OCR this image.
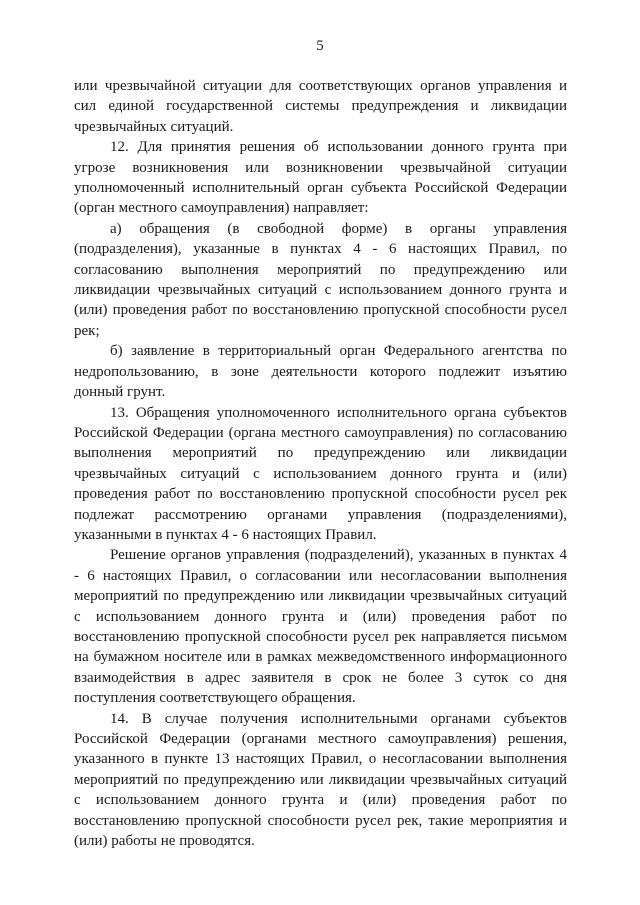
5

или чрезвычайной ситуации для соответствующих органов управления и сил единой государственной системы предупреждения и ликвидации чрезвычайных ситуаций.

12. Для принятия решения об использовании донного грунта при угрозе возникновения или возникновении чрезвычайной ситуации уполномоченный исполнительный орган субъекта Российской Федерации (орган местного самоуправления) направляет:

а) обращения (в свободной форме) в органы управления (подразделения), указанные в пунктах 4 - 6 настоящих Правил, по согласованию выполнения мероприятий по предупреждению или ликвидации чрезвычайных ситуаций с использованием донного грунта и (или) проведения работ по восстановлению пропускной способности русел рек;

б) заявление в территориальный орган Федерального агентства по недропользованию, в зоне деятельности которого подлежит изъятию донный грунт.

13. Обращения уполномоченного исполнительного органа субъектов Российской Федерации (органа местного самоуправления) по согласованию выполнения мероприятий по предупреждению или ликвидации чрезвычайных ситуаций с использованием донного грунта и (или) проведения работ по восстановлению пропускной способности русел рек подлежат рассмотрению органами управления (подразделениями), указанными в пунктах 4 - 6 настоящих Правил.

Решение органов управления (подразделений), указанных в пунктах 4 - 6 настоящих Правил, о согласовании или несогласовании выполнения мероприятий по предупреждению или ликвидации чрезвычайных ситуаций с использованием донного грунта и (или) проведения работ по восстановлению пропускной способности русел рек направляется письмом на бумажном носителе или в рамках межведомственного информационного взаимодействия в адрес заявителя в срок не более 3 суток со дня поступления соответствующего обращения.

14. В случае получения исполнительными органами субъектов Российской Федерации (органами местного самоуправления) решения, указанного в пункте 13 настоящих Правил, о несогласовании выполнения мероприятий по предупреждению или ликвидации чрезвычайных ситуаций с использованием донного грунта и (или) проведения работ по восстановлению пропускной способности русел рек, такие мероприятия и (или) работы не проводятся.
